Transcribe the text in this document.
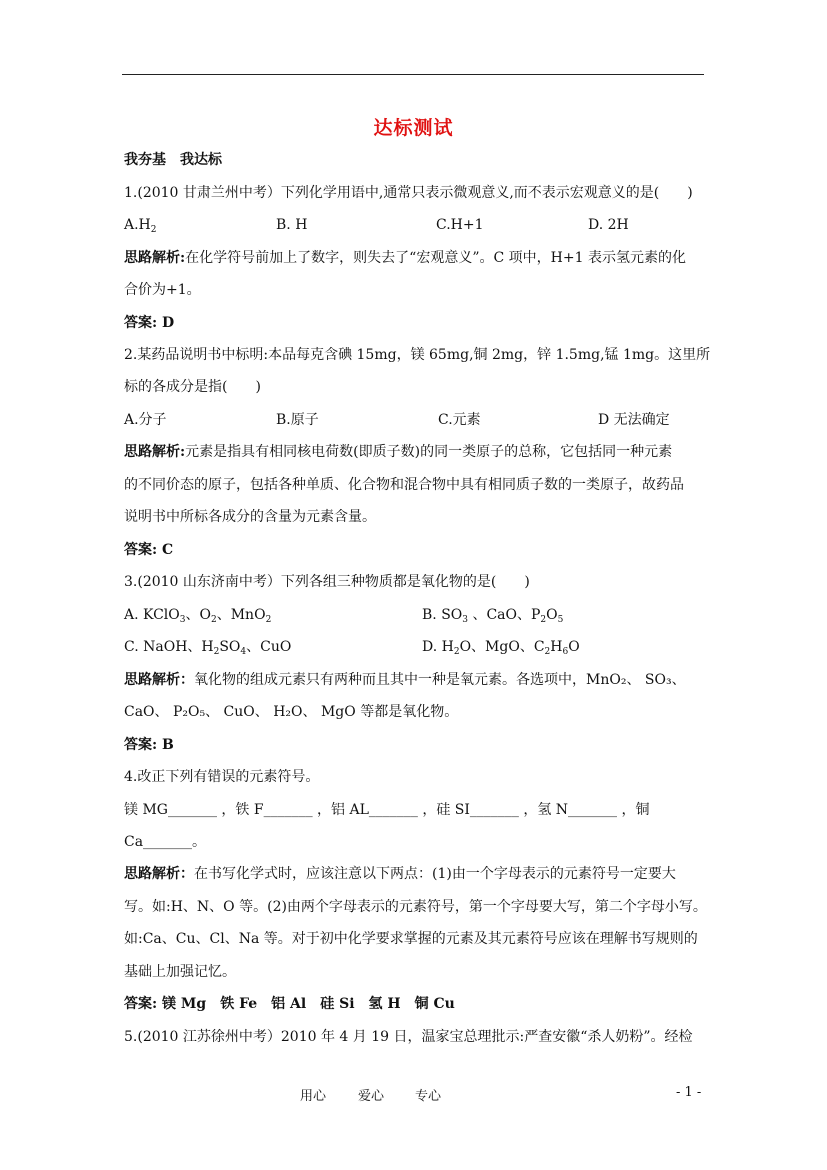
达标测试
我夯基　我达标
1.(2010 甘肃兰州中考）下列化学用语中,通常只表示微观意义,而不表示宏观意义的是(　　)
$A.H_2$	B. H	C.H+1	D. 2H
思路解析:在化学符号前加上了数字，则失去了“宏观意义”。C 项中，H+1 表示氢元素的化
合价为+1。
答案: D
2.某药品说明书中标明:本品每克含碘 15mg，镁 65mg,铜 2mg，锌 1.5mg,锰 1mg。这里所
标的各成分是指(　　)
A.分子	B.原子	C.元素	D 无法确定
思路解析:元素是指具有相同核电荷数(即质子数)的同一类原子的总称，它包括同一种元素
的不同价态的原子，包括各种单质、化合物和混合物中具有相同质子数的一类原子，故药品
说明书中所标各成分的含量为元素含量。
答案: C
3.(2010 山东济南中考）下列各组三种物质都是氧化物的是(　　)
A. KClO$_3$、$O_2$、MnO$_2$	B. $SO_3$ 、CaO、$P_2O_5$
C. NaOH、$H_2SO_4$、CuO	D. $H_2O$、MgO、$C_2H_6O$
思路解析：氧化物的组成元素只有两种而且其中一种是氧元素。各选项中，MnO₂、 SO₃、
CaO、 P₂O₅、 CuO、 H₂O、 MgO 等都是氧化物。
答案: B
4.改正下列有错误的元素符号。
镁 MG_______ ，铁 F_______ ，铝 AL_______ ，硅 SI_______ ，氢 N_______ ，铜
Ca_______。
思路解析：在书写化学式时，应该注意以下两点：(1)由一个字母表示的元素符号一定要大
写。如:H、N、O 等。(2)由两个字母表示的元素符号，第一个字母要大写，第二个字母小写。
如:Ca、Cu、Cl、Na 等。对于初中化学要求掌握的元素及其元素符号应该在理解书写规则的
基础上加强记忆。
答案: 镁 Mg　铁 Fe　铝 Al　硅 Si　氢 H　铜 Cu
5.(2010 江苏徐州中考）2010 年 4 月 19 日，温家宝总理批示:严查安徽“杀人奶粉”。经检
用心 爱心 专心	- 1 -
